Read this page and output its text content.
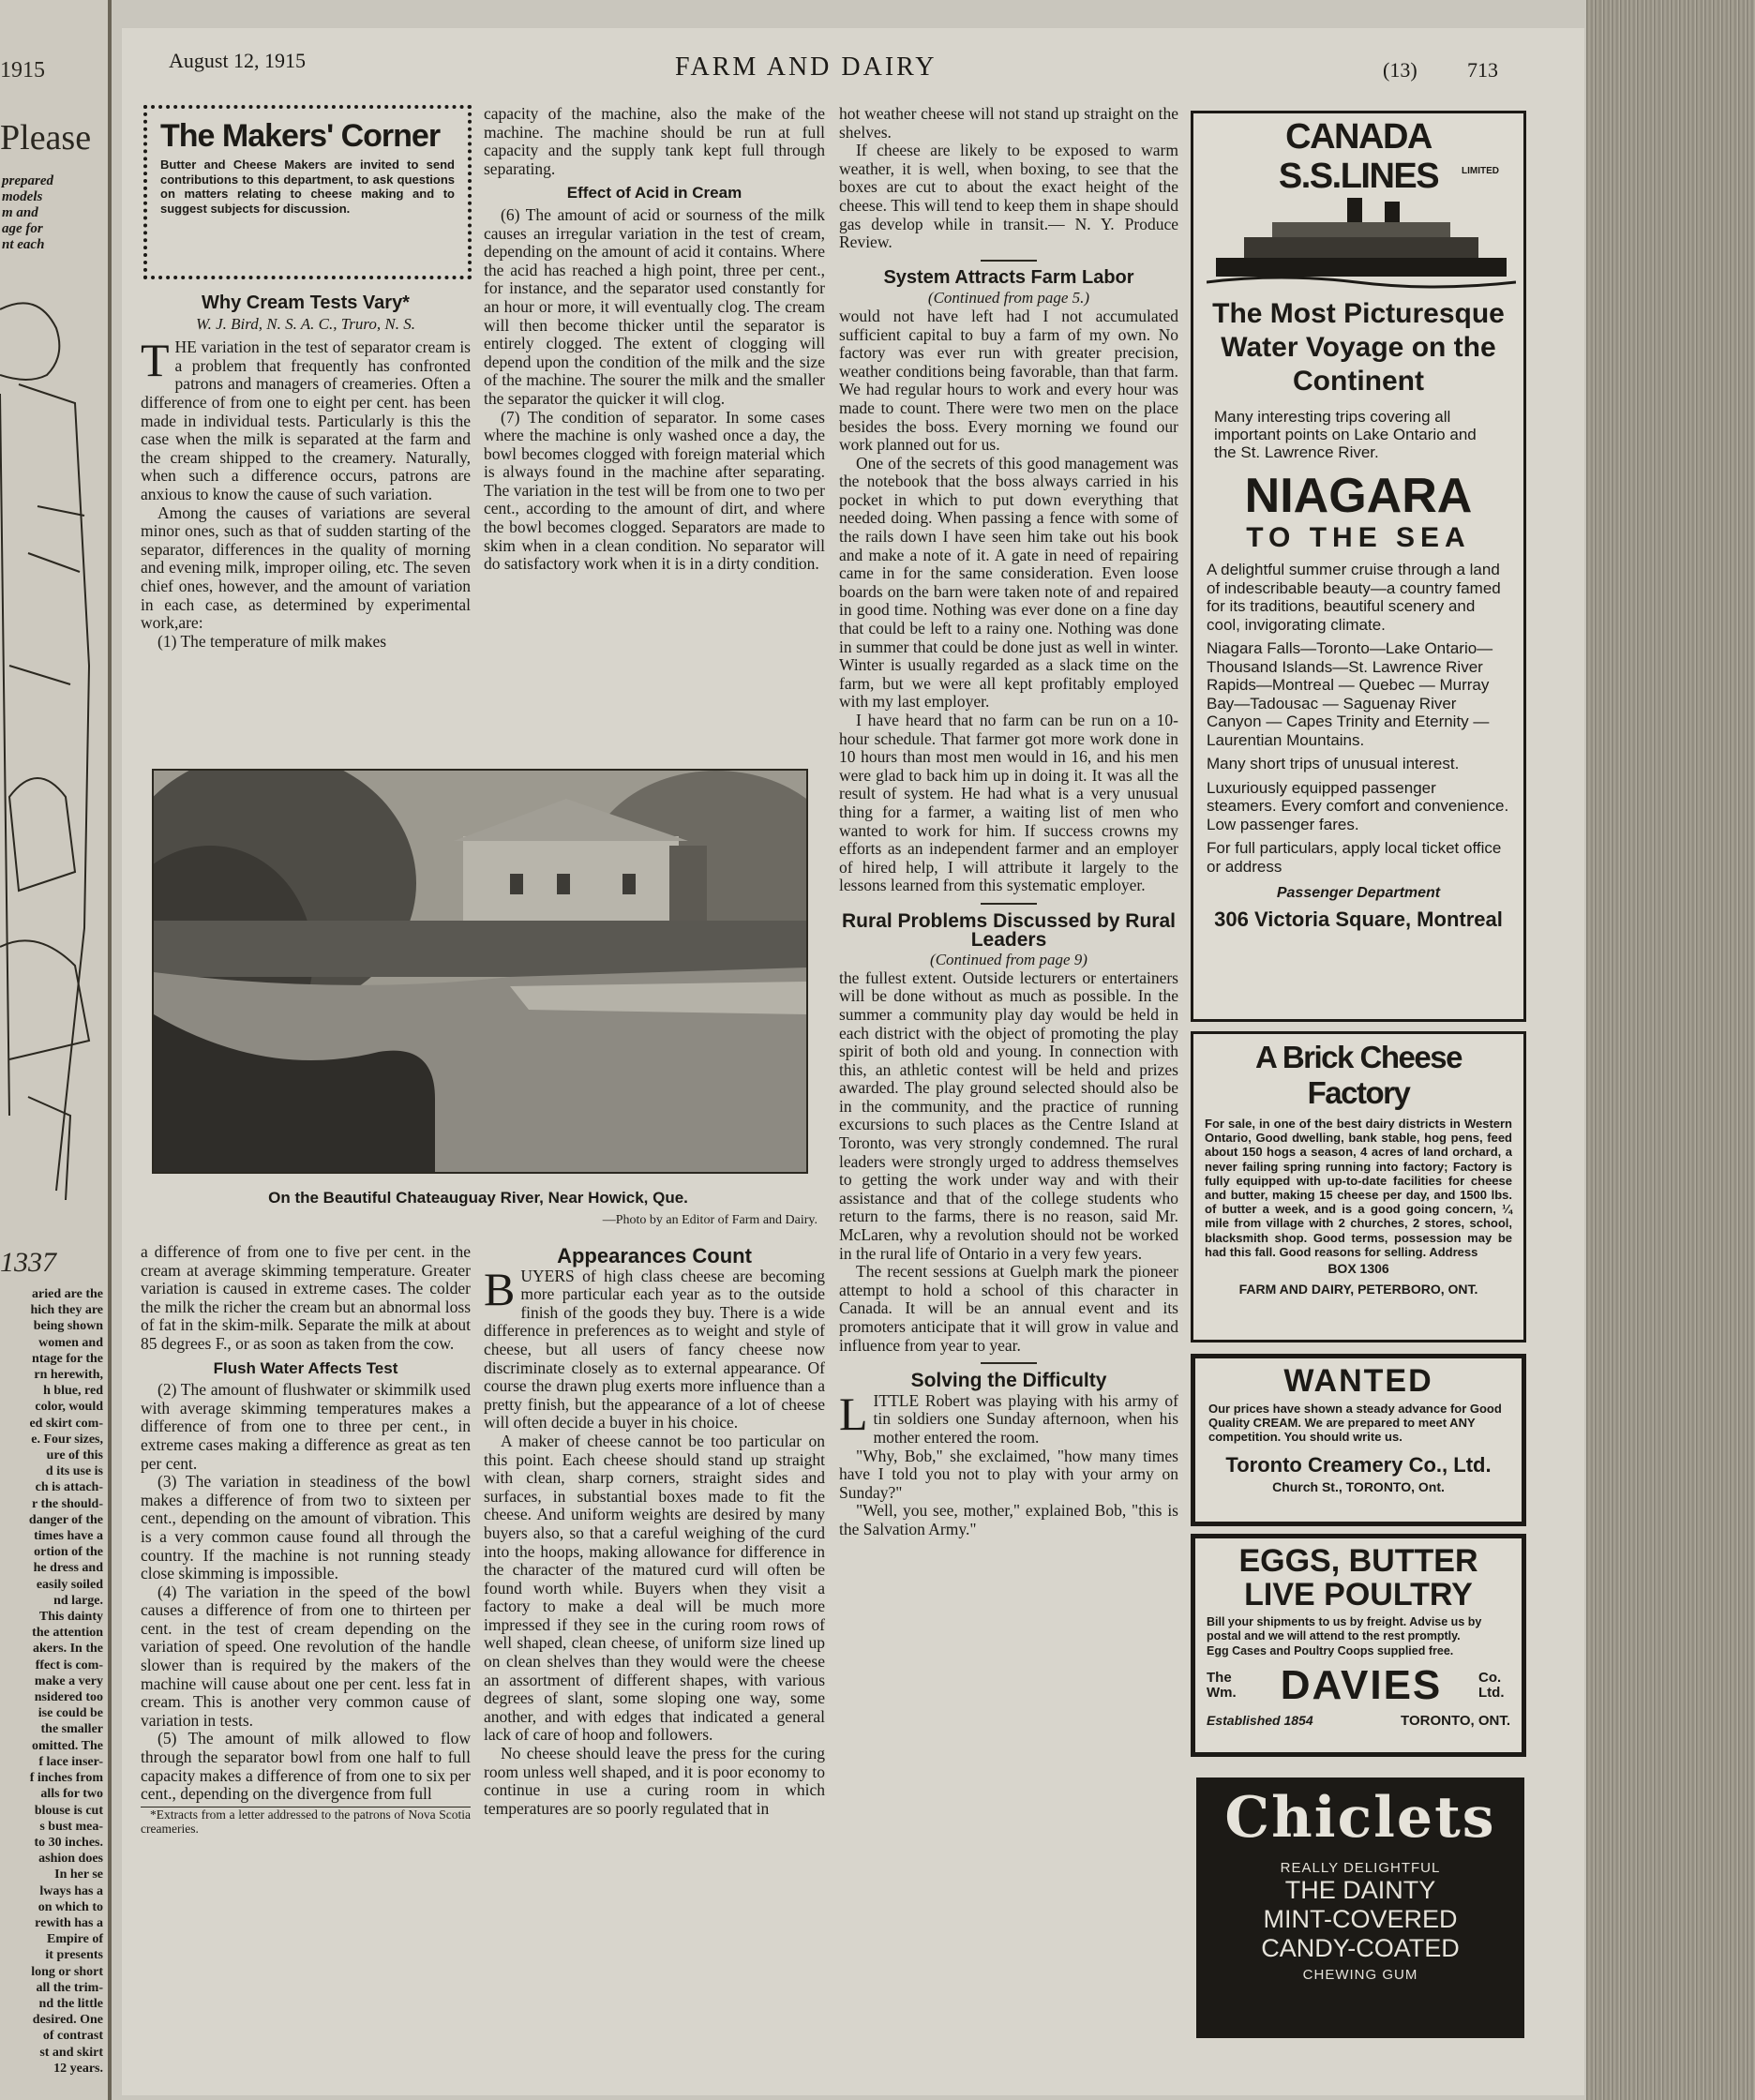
1915
Please
prepared
models
m and
age for
nt each
1337
aried are the
hich they are
being shown
women and
ntage for the
rn herewith,
h blue, red
color, would
ed skirt com-
e. Four sizes,
ure of this
d its use is
ch is attach-
r the should-
danger of the
times have a
ortion of the
he dress and
easily soiled
nd large.
This dainty
the attention
akers. In the
ffect is com-
make a very
nsidered too
ise could be
the smaller
omitted. The
f lace inser-
f inches from
alls for two
blouse is cut
s bust mea-
to 30 inches.
ashion does
In her se
lways has a
on which to
rewith has a
Empire of
it presents
long or short
all the trim-
nd the little
desired. One
of contrast
st and skirt
12 years.
August 12, 1915	FARM AND DAIRY	(13) 713
The Makers' Corner
Butter and Cheese Makers are invited to send contributions to this department, to ask questions on matters relating to cheese making and to suggest subjects for discussion.
Why Cream Tests Vary*
W. J. Bird, N. S. A. C., Truro, N. S.

THE variation in the test of separator cream is a problem that frequently has confronted patrons and managers of creameries. Often a difference of from one to eight per cent. has been made in individual tests. Particularly is this the case when the milk is separated at the farm and the cream shipped to the creamery. Naturally, when such a difference occurs, patrons are anxious to know the cause of such variation.

Among the causes of variations are several minor ones, such as that of sudden starting of the separator, differences in the quality of morning and evening milk, improper oiling, etc. The seven chief ones, however, and the amount of variation in each case, as determined by experimental work,are:

(1) The temperature of milk makes

capacity of the machine, also the make of the machine. The machine should be run at full capacity and the supply tank kept full through separating.

Effect of Acid in Cream

(6) The amount of acid or sourness of the milk causes an irregular variation in the test of cream, depending on the amount of acid it contains. Where the acid has reached a high point, three per cent., for instance, and the separator used constantly for an hour or more, it will eventually clog. The cream will then become thicker until the separator is entirely clogged. The extent of clogging will depend upon the condition of the milk and the size of the machine. The sourer the milk and the smaller the separator the quicker it will clog.

(7) The condition of separator. In some cases where the machine is only washed once a day, the bowl becomes clogged with foreign material which is always found in the machine after separating. The variation in the test will be from one to two per cent., according to the amount of dirt, and where the bowl becomes clogged. Separators are made to skim when in a clean condition. No separator will do satisfactory work when it is in a dirty condition.

On the Beautiful Chateauguay River, Near Howick, Que.
—Photo by an Editor of Farm and Dairy.

a difference of from one to five per cent. in the cream at average skimming temperature. Greater variation is caused in extreme cases. The colder the milk the richer the cream but an abnormal loss of fat in the skim-milk. Separate the milk at about 85 degrees F., or as soon as taken from the cow.

Flush Water Affects Test

(2) The amount of flushwater or skimmilk used with average skimming temperatures makes a difference of from one to three per cent., in extreme cases making a difference as great as ten per cent.

(3) The variation in steadiness of the bowl makes a difference of from two to sixteen per cent., depending on the amount of vibration. This is a very common cause found all through the country. If the machine is not running steady close skimming is impossible.

(4) The variation in the speed of the bowl causes a difference of from one to thirteen per cent. in the test of cream depending on the variation of speed. One revolution of the handle slower than is required by the makers of the machine will cause about one per cent. less fat in cream. This is another very common cause of variation in tests.

(5) The amount of milk allowed to flow through the separator bowl from one half to full capacity makes a difference of from one to six per cent., depending on the divergence from full

*Extracts from a letter addressed to the patrons of Nova Scotia creameries.
Appearances Count

BUYERS of high class cheese are becoming more particular each year as to the outside finish of the goods they buy. There is a wide difference in preferences as to weight and style of cheese, but all users of fancy cheese now discriminate closely as to external appearance. Of course the drawn plug exerts more influence than a pretty finish, but the appearance of a lot of cheese will often decide a buyer in his choice.

A maker of cheese cannot be too particular on this point. Each cheese should stand up straight with clean, sharp corners, straight sides and surfaces, in substantial boxes made to fit the cheese. And uniform weights are desired by many buyers also, so that a careful weighing of the curd into the hoops, making allowance for difference in the character of the matured curd will often be found worth while. Buyers when they visit a factory to make a deal will be much more impressed if they see in the curing room rows of well shaped, clean cheese, of uniform size lined up on clean shelves than they would were the cheese an assortment of different shapes, with various degrees of slant, some sloping one way, some another, and with edges that indicated a general lack of care of hoop and followers.

No cheese should leave the press for the curing room unless well shaped, and it is poor economy to continue in use a curing room in which temperatures are so poorly regulated that in

hot weather cheese will not stand up straight on the shelves.

If cheese are likely to be exposed to warm weather, it is well, when boxing, to see that the boxes are cut to about the exact height of the cheese. This will tend to keep them in shape should gas develop while in transit.— N. Y. Produce Review.

System Attracts Farm Labor
(Continued from page 5.)

would not have left had I not accumulated sufficient capital to buy a farm of my own. No factory was ever run with greater precision, weather conditions being favorable, than that farm. We had regular hours to work and every hour was made to count. There were two men on the place besides the boss. Every morning we found our work planned out for us.

One of the secrets of this good management was the notebook that the boss always carried in his pocket in which to put down everything that needed doing. When passing a fence with some of the rails down I have seen him take out his book and make a note of it. A gate in need of repairing came in for the same consideration. Even loose boards on the barn were taken note of and repaired in good time. Nothing was ever done on a fine day that could be left to a rainy one. Nothing was done in summer that could be done just as well in winter. Winter is usually regarded as a slack time on the farm, but we were all kept profitably employed with my last employer.

I have heard that no farm can be run on a 10-hour schedule. That farmer got more work done in 10 hours than most men would in 16, and his men were glad to back him up in doing it. It was all the result of system. He had what is a very unusual thing for a farmer, a waiting list of men who wanted to work for him. If success crowns my efforts as an independent farmer and an employer of hired help, I will attribute it largely to the lessons learned from this systematic employer.

Rural Problems Discussed by Rural Leaders
(Continued from page 9)

the fullest extent. Outside lecturers or entertainers will be done without as much as possible. In the summer a community play day would be held in each district with the object of promoting the play spirit of both old and young. In connection with this, an athletic contest will be held and prizes awarded. The play ground selected should also be in the community, and the practice of running excursions to such places as the Centre Island at Toronto, was very strongly condemned. The rural leaders were strongly urged to address themselves to getting the work under way and with their assistance and that of the college students who return to the farms, there is no reason, said Mr. McLaren, why a revolution should not be worked in the rural life of Ontario in a very few years.

The recent sessions at Guelph mark the pioneer attempt to hold a school of this character in Canada. It will be an annual event and its promoters anticipate that it will grow in value and influence from year to year.

Solving the Difficulty

LITTLE Robert was playing with his army of tin soldiers one Sunday afternoon, when his mother entered the room.

"Why, Bob," she exclaimed, "how many times have I told you not to play with your army on Sunday?"

"Well, you see, mother," explained Bob, "this is the Salvation Army."

CANADA S.S.LINES	LIMITED
The Most Picturesque Water Voyage on the Continent
Many interesting trips covering all important points on Lake Ontario and the St. Lawrence River.
NIAGARA
TO THE SEA
A delightful summer cruise through a land of indescribable beauty—a country famed for its traditions, beautiful scenery and cool, invigorating climate.
Niagara Falls—Toronto—Lake Ontario—Thousand Islands—St. Lawrence River Rapids—Montreal — Quebec — Murray Bay—Tadousac — Saguenay River Canyon — Capes Trinity and Eternity — Laurentian Mountains.
Many short trips of unusual interest.
Luxuriously equipped passenger steamers. Every comfort and convenience. Low passenger fares.
For full particulars, apply local ticket office or address
Passenger Department
306 Victoria Square, Montreal
A Brick Cheese Factory
For sale, in one of the best dairy districts in Western Ontario, Good dwelling, bank stable, hog pens, feed about 150 hogs a season, 4 acres of land orchard, a never failing spring running into factory; Factory is fully equipped with up-to-date facilities for cheese and butter, making 15 cheese per day, and 1500 lbs. of butter a week, and is a good going concern, ¼ mile from village with 2 churches, 2 stores, school, blacksmith shop. Good terms, possession may be had this fall. Good reasons for selling. Address
BOX 1306
FARM AND DAIRY, PETERBORO, ONT.
WANTED
Our prices have shown a steady advance for Good Quality CREAM. We are prepared to meet ANY competition. You should write us.
Toronto Creamery Co., Ltd.
Church St., TORONTO, Ont.
EGGS, BUTTER
LIVE POULTRY
Bill your shipments to us by freight. Advise us by postal and we will attend to the rest promptly.
Egg Cases and Poultry Coops supplied free.
The Wm. DAVIES	Co. Ltd.
Established 1854	TORONTO, ONT.
Chiclets
REALLY DELIGHTFUL
THE DAINTY
MINT-COVERED
CANDY-COATED
CHEWING GUM
